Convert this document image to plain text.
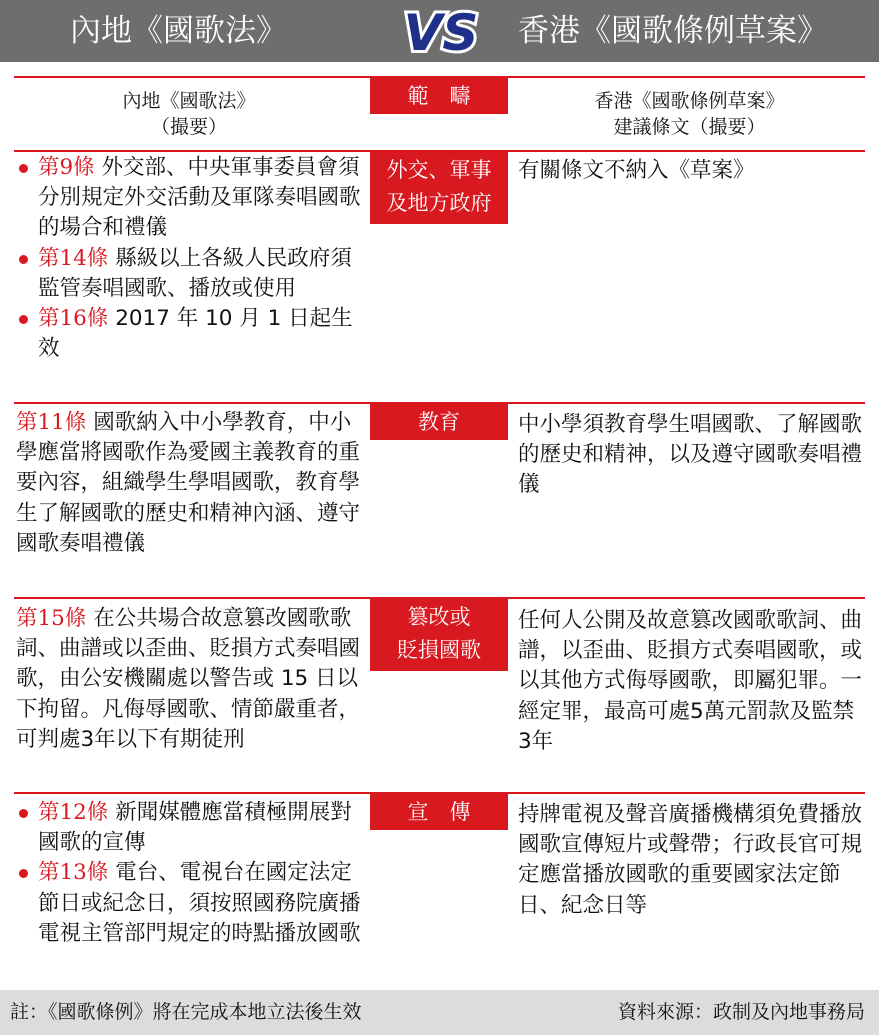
內地《國歌法》	香港《國歌條例草案》
VS
內地《國歌法》
（撮要）
香港《國歌條例草案》
建議條文（撮要）
範　疇
外交、軍事
及地方政府
第9條 外交部、中央軍事委員會須分別規定外交活動及軍隊奏唱國歌的場合和禮儀
第14條 縣級以上各級人民政府須監管奏唱國歌、播放或使用
第16條 2017 年 10 月 1 日起生效
有關條文不納入《草案》
教育
第11條 國歌納入中小學教育，中小學應當將國歌作為愛國主義教育的重要內容，組織學生學唱國歌，教育學生了解國歌的歷史和精神內涵、遵守國歌奏唱禮儀
中小學須教育學生唱國歌、了解國歌的歷史和精神，以及遵守國歌奏唱禮儀
篡改或
貶損國歌
第15條 在公共場合故意篡改國歌歌詞、曲譜或以歪曲、貶損方式奏唱國歌，由公安機關處以警告或 15 日以下拘留。凡侮辱國歌、情節嚴重者，可判處3年以下有期徒刑
任何人公開及故意篡改國歌歌詞、曲譜，以歪曲、貶損方式奏唱國歌，或以其他方式侮辱國歌，即屬犯罪。一經定罪，最高可處5萬元罰款及監禁3年
宣　傳
第12條 新聞媒體應當積極開展對國歌的宣傳
第13條 電台、電視台在國定法定節日或紀念日，須按照國務院廣播電視主管部門規定的時點播放國歌
持牌電視及聲音廣播機構須免費播放國歌宣傳短片或聲帶；行政長官可規定應當播放國歌的重要國家法定節日、紀念日等
註：《國歌條例》將在完成本地立法後生效	資料來源：政制及內地事務局
